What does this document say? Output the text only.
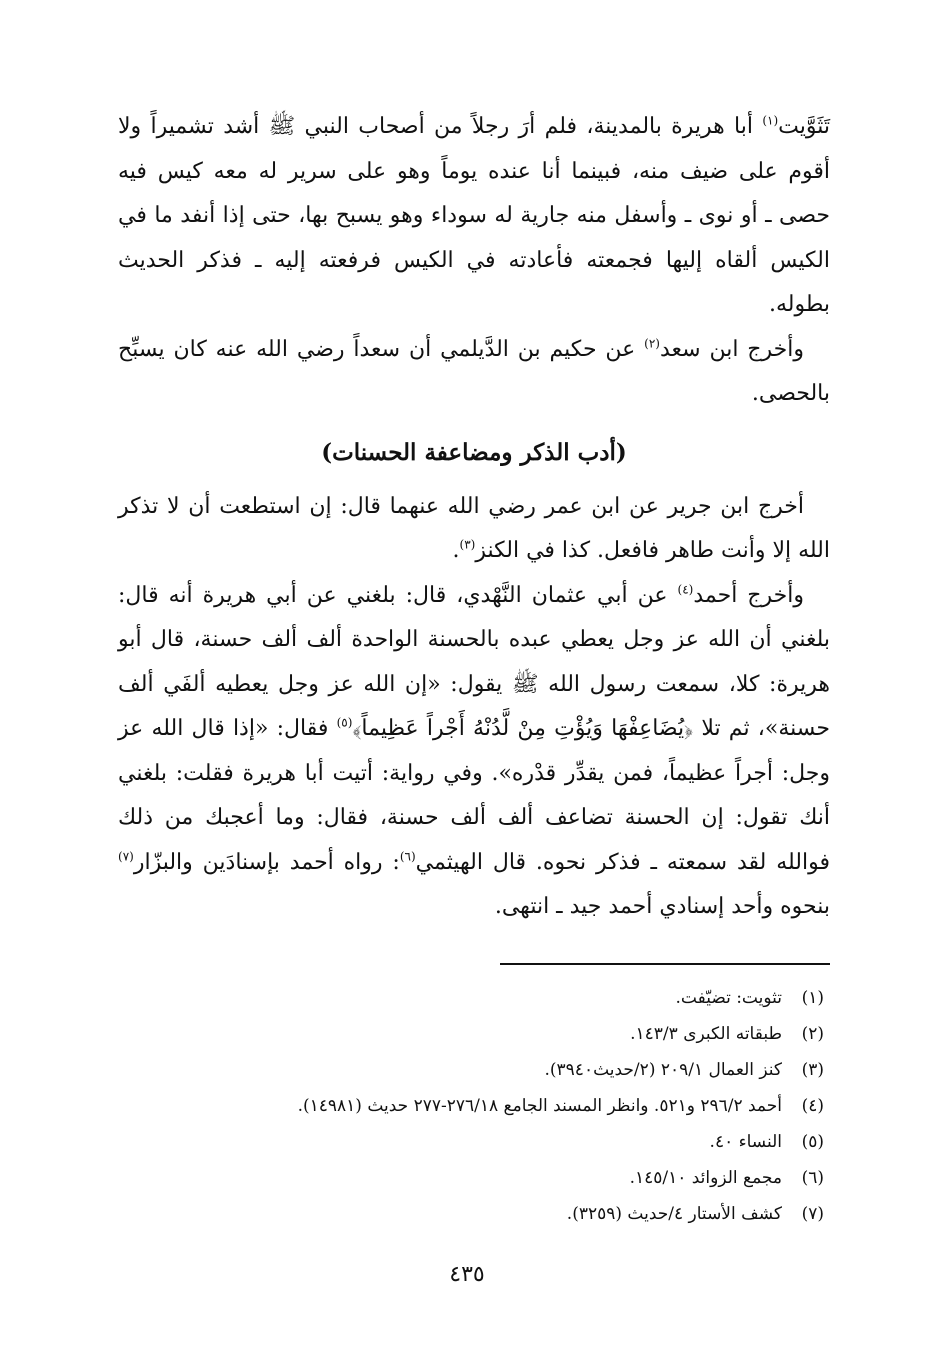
تَثَوَّيت$^{(١)}$ أبا هريرة بالمدينة، فلم أرَ رجلاً من أصحاب النبي ﷺ أشد تشميراً ولا أقوم على ضيف منه، فبينما أنا عنده يوماً وهو على سرير له معه كيس فيه حصى ـ أو نوى ـ وأسفل منه جارية له سوداء وهو يسبح بها، حتى إذا أنفد ما في الكيس ألقاه إليها فجمعته فأعادته في الكيس فرفعته إليه ـ فذكر الحديث بطوله.

وأخرج ابن سعد$^{(٢)}$ عن حكيم بن الدَّيلمي أن سعداً رضي الله عنه كان يسبِّح بالحصى.

(أدب الذكر ومضاعفة الحسنات)

أخرج ابن جرير عن ابن عمر رضي الله عنهما قال: إن استطعت أن لا تذكر الله إلا وأنت طاهر فافعل. كذا في الكنز$^{(٣)}$.

وأخرج أحمد$^{(٤)}$ عن أبي عثمان النَّهْدي، قال: بلغني عن أبي هريرة أنه قال: بلغني أن الله عز وجل يعطي عبده بالحسنة الواحدة ألف ألف حسنة، قال أبو هريرة: كلا، سمعت رسول الله ﷺ يقول: «إن الله عز وجل يعطيه ألفَي ألف حسنة»، ثم تلا ﴿يُضَاعِفْهَا وَيُؤْتِ مِنْ لَّدُنْهُ أَجْراً عَظِيماً﴾$^{(٥)}$ فقال: «إذا قال الله عز وجل: أجراً عظيماً، فمن يقدِّر قدْره». وفي رواية: أتيت أبا هريرة فقلت: بلغني أنك تقول: إن الحسنة تضاعف ألف ألف حسنة، فقال: وما أعجبك من ذلك فوالله لقد سمعته ـ فذكر نحوه. قال الهيثمي$^{(٦)}$: رواه أحمد بإسنادَين والبزّار$^{(٧)}$ بنحوه وأحد إسنادي أحمد جيد ـ انتهى.

(١)تثويت: تضيّفت.
(٢)طبقاته الكبرى ١٤٣/٣.
(٣)كنز العمال ٢٠٩/١ (٢/حديث٣٩٤٠).
(٤)أحمد ٢٩٦/٢ و٥٢١. وانظر المسند الجامع ٢٧٦/١٨-٢٧٧ حديث (١٤٩٨١).
(٥)النساء ٤٠.
(٦)مجمع الزوائد ١٤٥/١٠.
(٧)كشف الأستار ٤/حديث (٣٢٥٩).
٤٣٥
